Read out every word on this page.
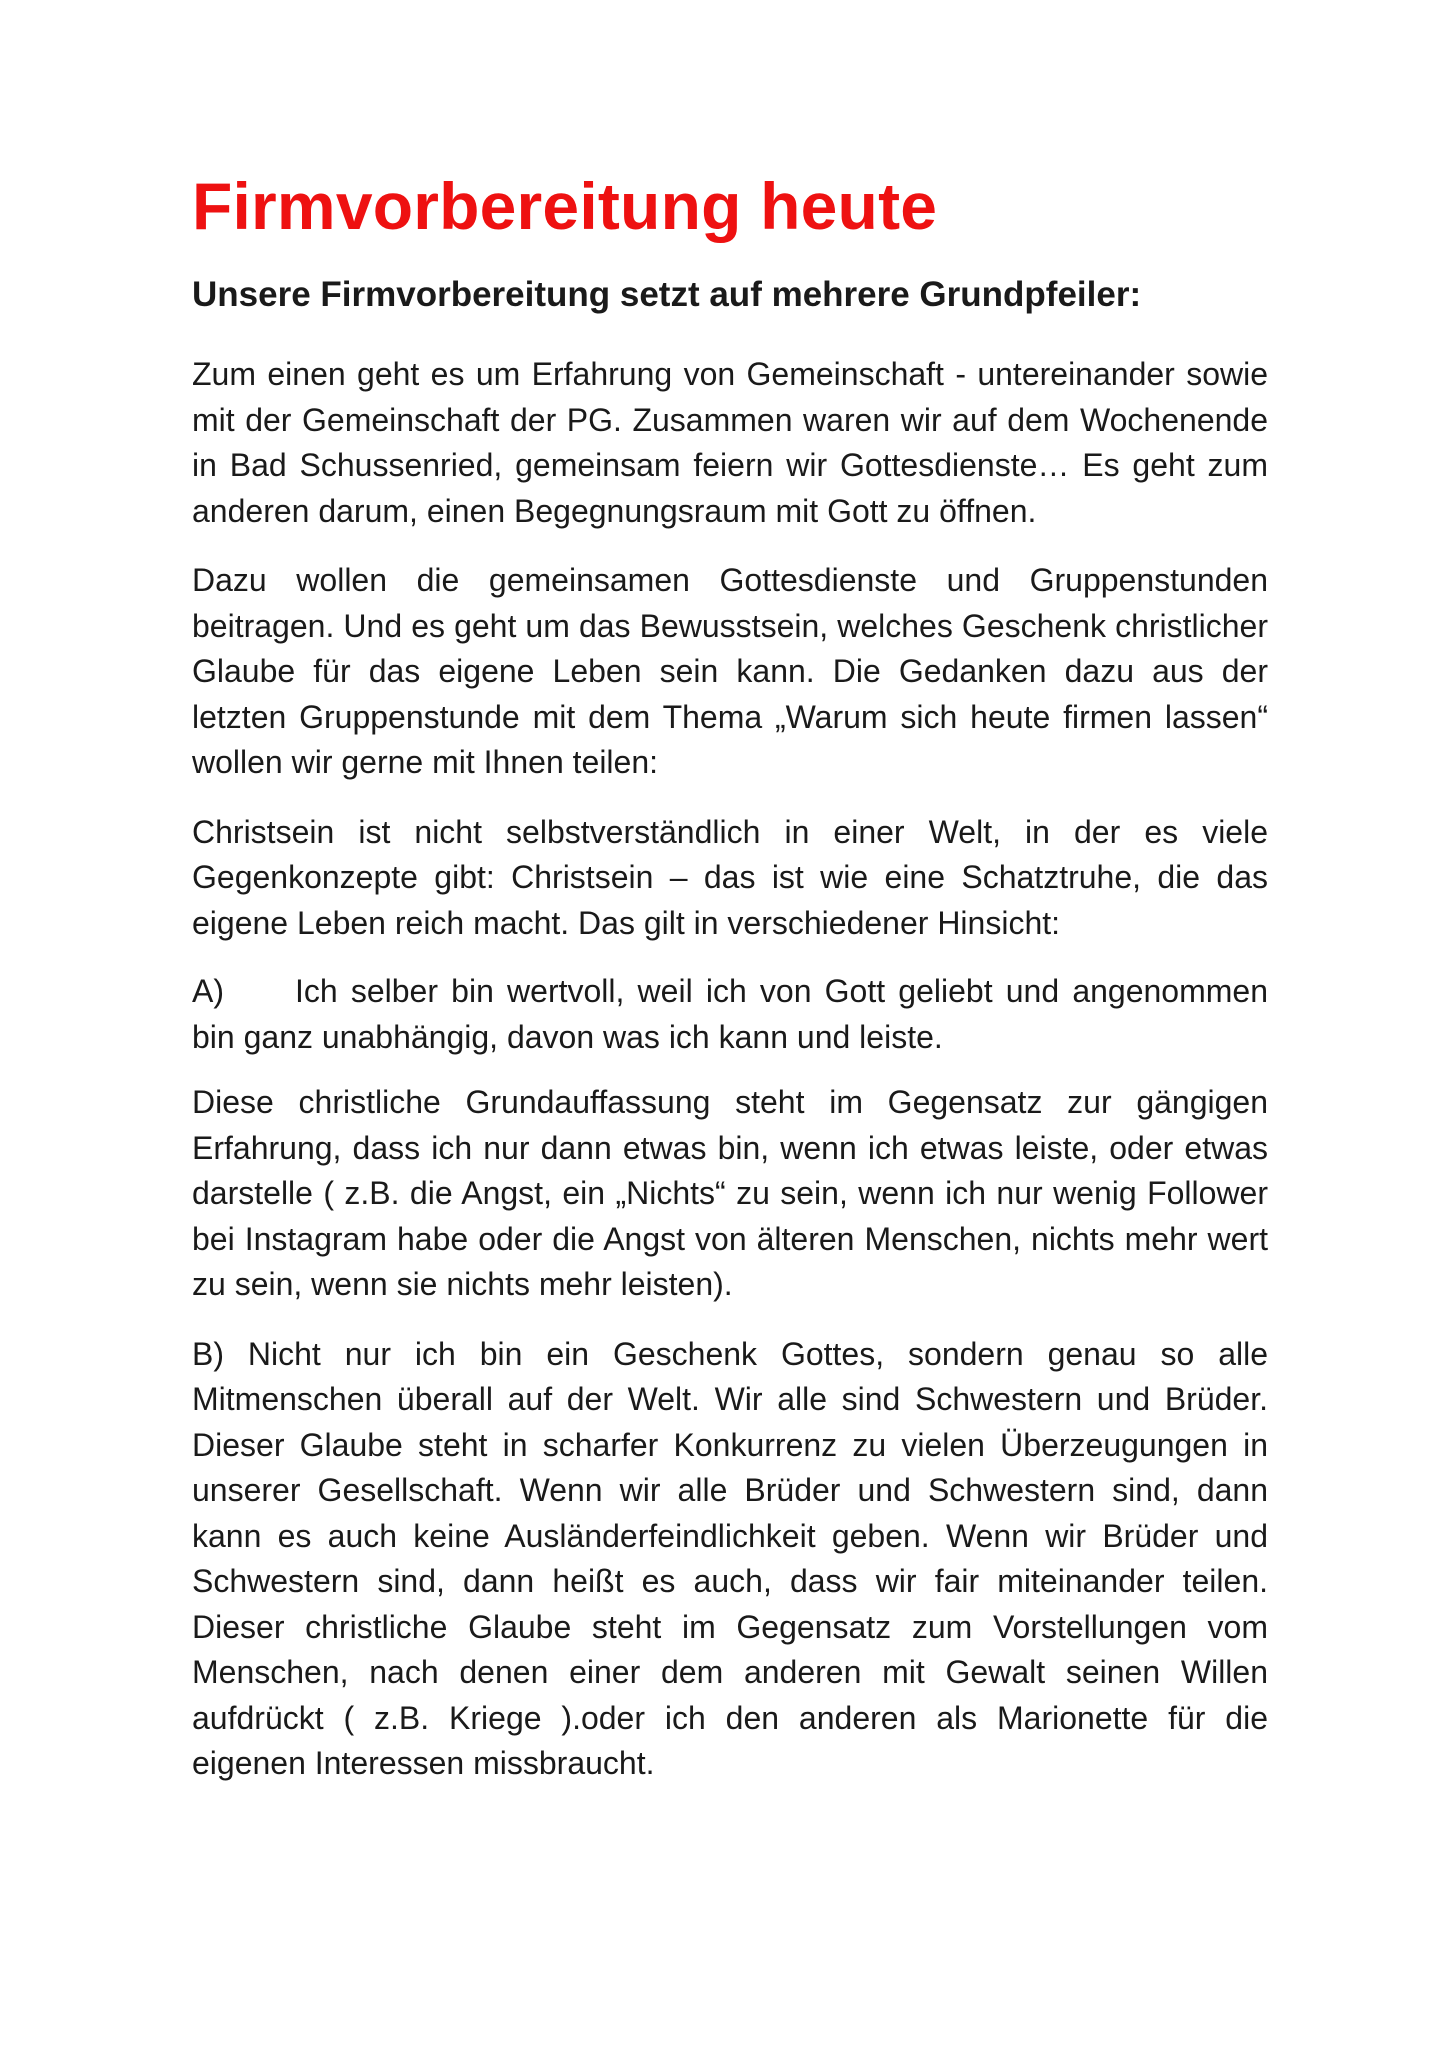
Firmvorbereitung heute
Unsere Firmvorbereitung setzt auf mehrere Grundpfeiler:

Zum einen geht es um Erfahrung von Gemeinschaft - untereinander sowie mit der Gemeinschaft der PG. Zusammen waren wir auf dem Wochenende in Bad Schussenried, gemeinsam feiern wir Gottesdienste… Es geht zum anderen darum, einen Begegnungsraum mit Gott zu öffnen.

Dazu wollen die gemeinsamen Gottesdienste und Gruppenstunden beitragen. Und es geht um das Bewusstsein, welches Geschenk christlicher Glaube für das eigene Leben sein kann. Die Gedanken dazu aus der letzten Gruppenstunde mit dem Thema „Warum sich heute firmen lassen“ wollen wir gerne mit Ihnen teilen:

Christsein ist nicht selbstverständlich in einer Welt, in der es viele Gegenkonzepte gibt: Christsein – das ist wie eine Schatztruhe, die das eigene Leben reich macht. Das gilt in verschiedener Hinsicht:

A) Ich selber bin wertvoll, weil ich von Gott geliebt und angenommen bin ganz unabhängig, davon was ich kann und leiste.

Diese christliche Grundauffassung steht im Gegensatz zur gängigen Erfahrung, dass ich nur dann etwas bin, wenn ich etwas leiste, oder etwas darstelle ( z.B. die Angst, ein „Nichts“ zu sein, wenn ich nur wenig Follower bei Instagram habe oder die Angst von älteren Menschen, nichts mehr wert zu sein, wenn sie nichts mehr leisten).

B) Nicht nur ich bin ein Geschenk Gottes, sondern genau so alle Mitmenschen überall auf der Welt. Wir alle sind Schwestern und Brüder. Dieser Glaube steht in scharfer Konkurrenz zu vielen Überzeugungen in unserer Gesellschaft. Wenn wir alle Brüder und Schwestern sind, dann kann es auch keine Ausländerfeindlichkeit geben. Wenn wir Brüder und Schwestern sind, dann heißt es auch, dass wir fair miteinander teilen. Dieser christliche Glaube steht im Gegensatz zum Vorstellungen vom Menschen, nach denen einer dem anderen mit Gewalt seinen Willen aufdrückt ( z.B. Kriege ).oder ich den anderen als Marionette für die eigenen Interessen missbraucht.
